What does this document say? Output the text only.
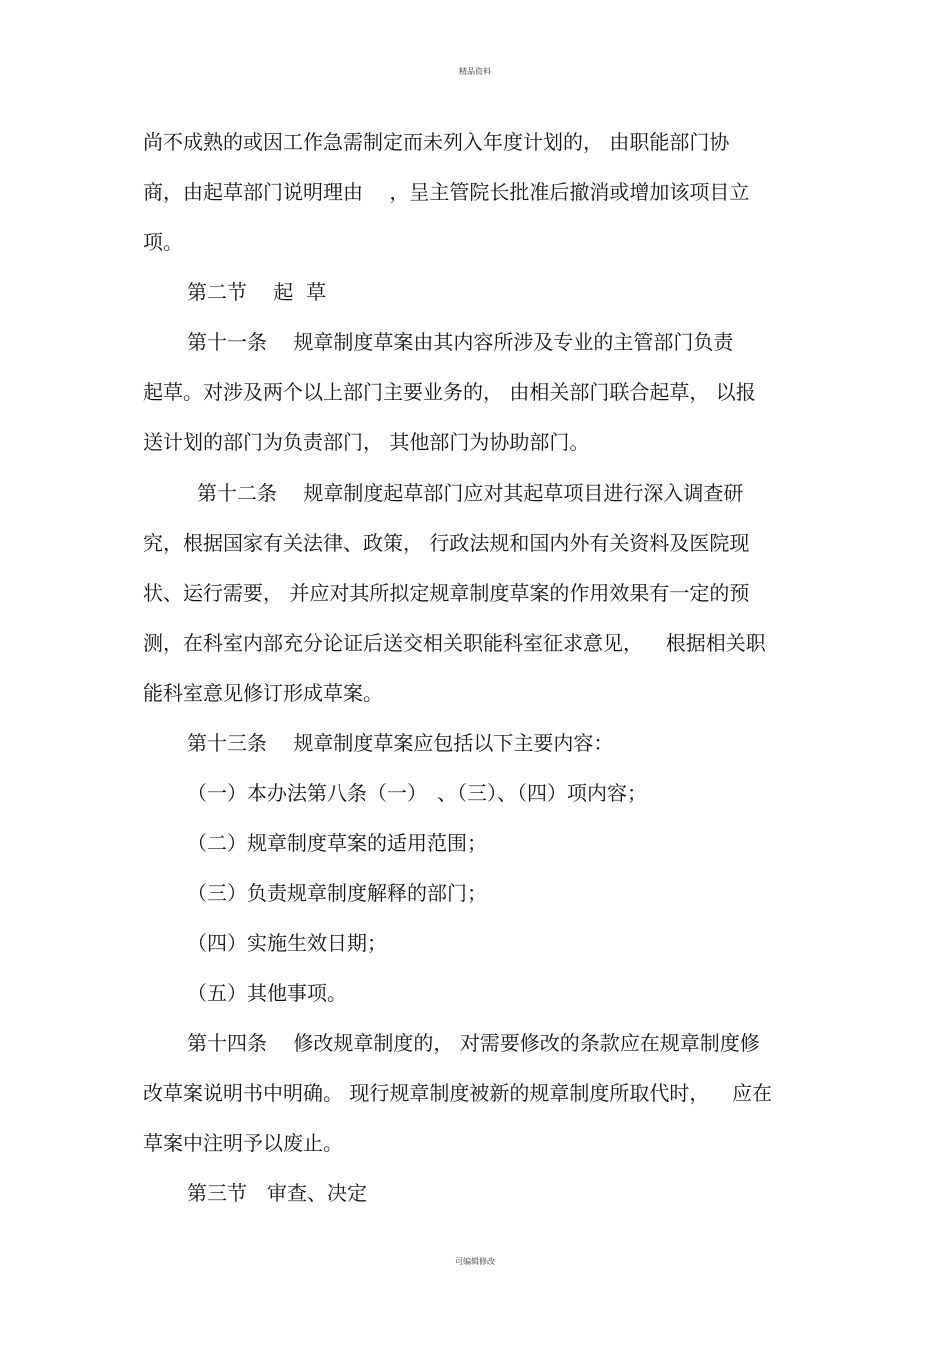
精品资料
尚不成熟的或因工作急需制定而未列入年度计划的， 由职能部门协
商，由起草部门说明理由　 ，呈主管院长批准后撤消或增加该项目立
项。
第二节　 起  草
第十一条　 规章制度草案由其内容所涉及专业的主管部门负责
起草。对涉及两个以上部门主要业务的， 由相关部门联合起草， 以报
送计划的部门为负责部门， 其他部门为协助部门。
第十二条　 规章制度起草部门应对其起草项目进行深入调查研
究，根据国家有关法律、政策， 行政法规和国内外有关资料及医院现
状、运行需要， 并应对其所拟定规章制度草案的作用效果有一定的预
测，在科室内部充分论证后送交相关职能科室征求意见，　  根据相关职
能科室意见修订形成草案。
第十三条　 规章制度草案应包括以下主要内容：
（一）本办法第八条（一）　、（三）、（四）项内容；
（二）规章制度草案的适用范围；
（三）负责规章制度解释的部门；
（四）实施生效日期；
（五）其他事项。
第十四条　 修改规章制度的， 对需要修改的条款应在规章制度修
改草案说明书中明确。 现行规章制度被新的规章制度所取代时，　  应在
草案中注明予以废止。
第三节　审查、决定
可编辑修改
